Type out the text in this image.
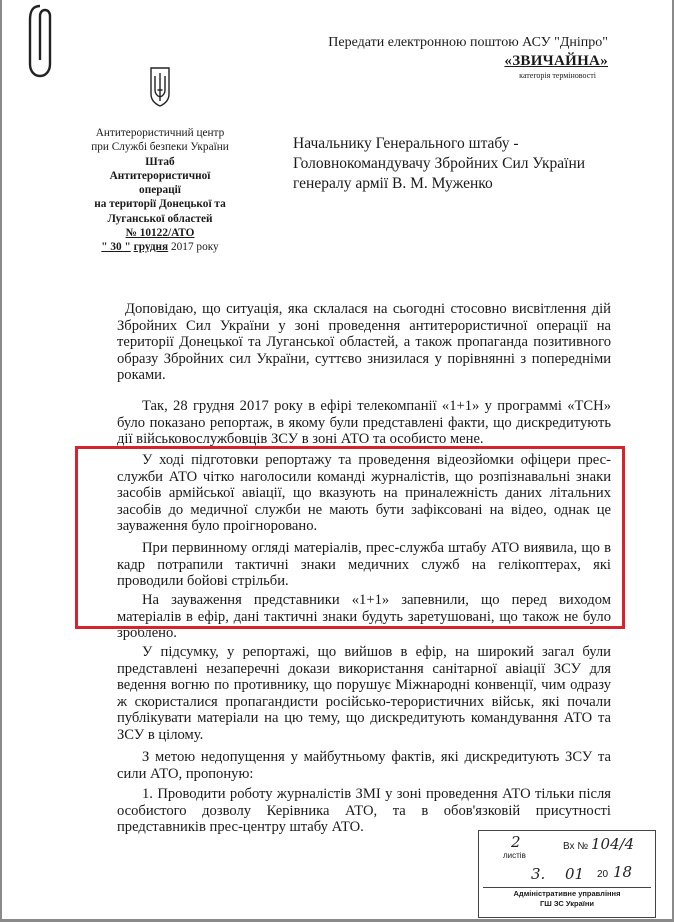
Передати електронною поштою АСУ "Дніпро"
«ЗВИЧАЙНА»
категорія терміновості
Антитерористичний центр
при Службі безпеки України
Штаб
Антитерористичної
операції
на території Донецької та
Луганської областей
№ 10122/АТО
" 30 " грудня 2017 року
Начальнику Генерального штабу -
Головнокомандувачу Збройних Сил України
генералу армії В. М. Муженко

Доповідаю, що ситуація, яка склалася на сьогодні стосовно висвітлення дій Збройних Сил України у зоні проведення антитерористичної операції на території Донецької та Луганської областей, а також пропаганда позитивного образу Збройних сил України, суттєво знизилася у порівнянні з попередніми роками.

Так, 28 грудня 2017 року в ефірі телекомпанії «1+1» у программі «ТСН» було показано репортаж, в якому були представлені факти, що дискредитують дії військовослужбовців ЗСУ в зоні АТО та особисто мене.

У ході підготовки репортажу та проведення відеозйомки офіцери прес-служби АТО чітко наголосили команді журналістів, що розпізнавальні знаки засобів армійської авіації, що вказують на приналежність даних літальних засобів до медичної служби не мають бути зафіксовані на відео, однак це зауваження було проігноровано.

При первинному огляді матеріалів, прес-служба штабу АТО виявила, що в кадр потрапили тактичні знаки медичних служб на гелікоптерах, які проводили бойові стрільби.

На зауваження представники «1+1» запевнили, що перед виходом матеріалів в ефір, дані тактичні знаки будуть заретушовані, що також не було зроблено.

У підсумку, у репортажі, що вийшов в ефір, на широкий загал були представлені незаперечні докази використання санітарної авіації ЗСУ для ведення вогню по противнику, що порушує Міжнародні конвенції, чим одразу ж скористалися пропагандисти російсько-терористичних військ, які почали публікувати матеріали на цю тему, що дискредитують командування АТО та ЗСУ в цілому.

З метою недопущення у майбутньому фактів, які дискредитують ЗСУ та сили АТО, пропоную:

1. Проводити роботу журналістів ЗМІ у зоні проведення АТО тільки після особистого дозволу Керівника АТО, та в обов'язковій присутності представників прес-центру штабу АТО.

2
листів
Вх № 104/4
3. 01 20 18
Адміністративне управління
ГШ ЗС України
